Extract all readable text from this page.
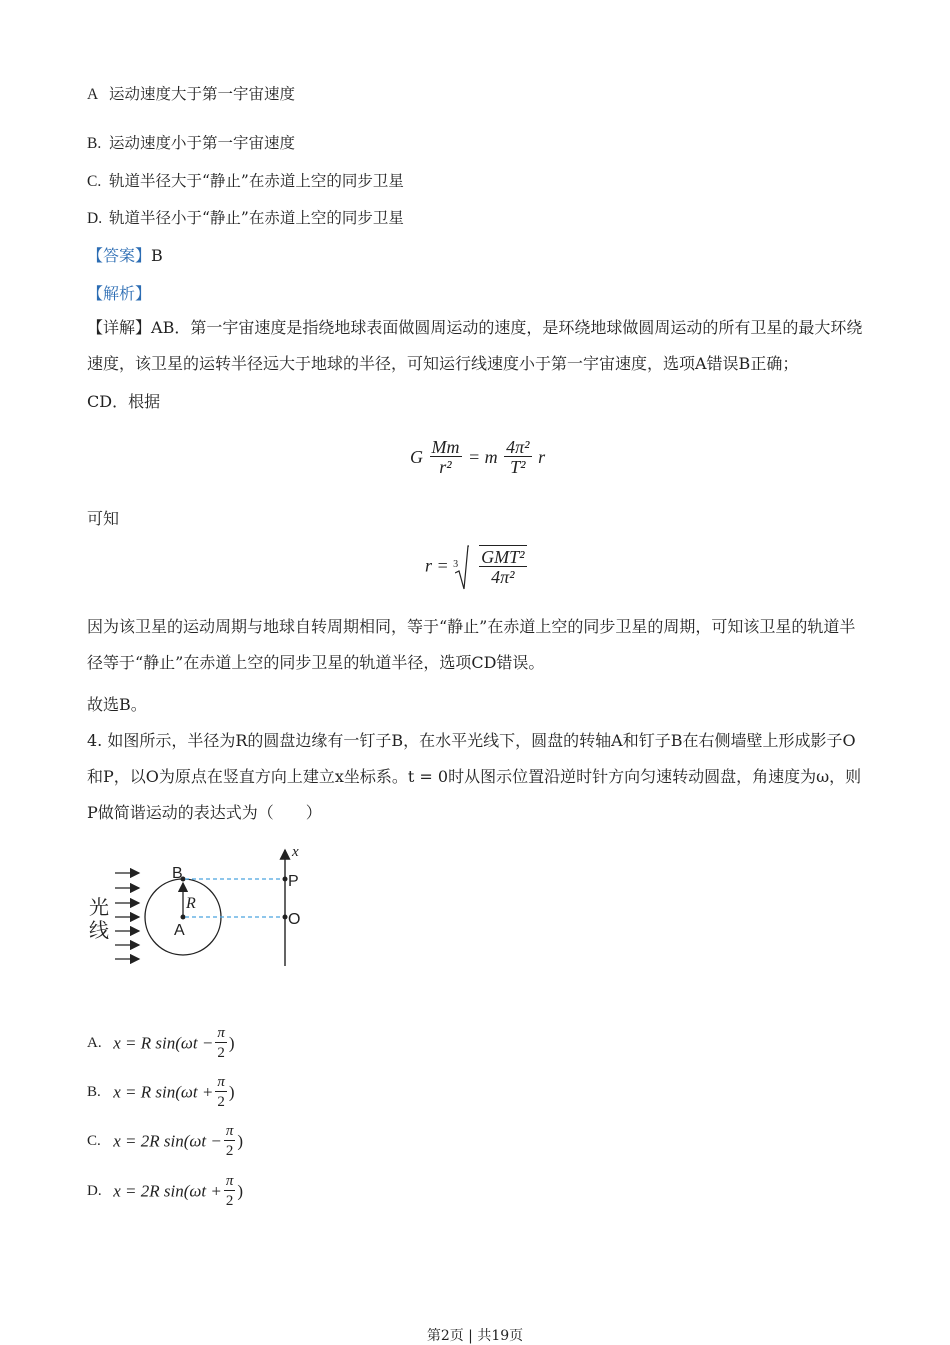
A 运动速度大于第一宇宙速度
B. 运动速度小于第一宇宙速度
C. 轨道半径大于“静止”在赤道上空的同步卫星
D. 轨道半径小于“静止”在赤道上空的同步卫星
【答案】B
【解析】
【详解】AB．第一宇宙速度是指绕地球表面做圆周运动的速度，是环绕地球做圆周运动的所有卫星的最大环绕速度，该卫星的运转半径远大于地球的半径，可知运行线速度小于第一宇宙速度，选项A错误B正确；
CD．根据
G $\frac{Mm}{\text{r²}} = m \frac{\text{4π²}}{\text{T²}}$ r
可知
$r = 3 \frac{\text{GMT²}}{\text{4π²}}$
因为该卫星的运动周期与地球自转周期相同，等于“静止”在赤道上空的同步卫星的周期，可知该卫星的轨道半径等于“静止”在赤道上空的同步卫星的轨道半径，选项CD错误。
故选B。
4. 如图所示，半径为R的圆盘边缘有一钉子B，在水平光线下，圆盘的转轴A和钉子B在右侧墙壁上形成影子O和P，以O为原点在竖直方向上建立x坐标系。t = 0时从图示位置沿逆时针方向匀速转动圆盘，角速度为ω，则P做简谐运动的表达式为（　　）
光
线
B
A
R
P
O
x
A. x = R $\sin(\omega t - \frac{\pi}{2}$ )
B. x = R $\sin(\omega t + \frac{\pi}{2}$ )
C. x = 2R $\sin(\omega t - \frac{\pi}{2}$ )
D. x = 2R $\sin(\omega t + \frac{\pi}{2}$ )
第2页 | 共19页
